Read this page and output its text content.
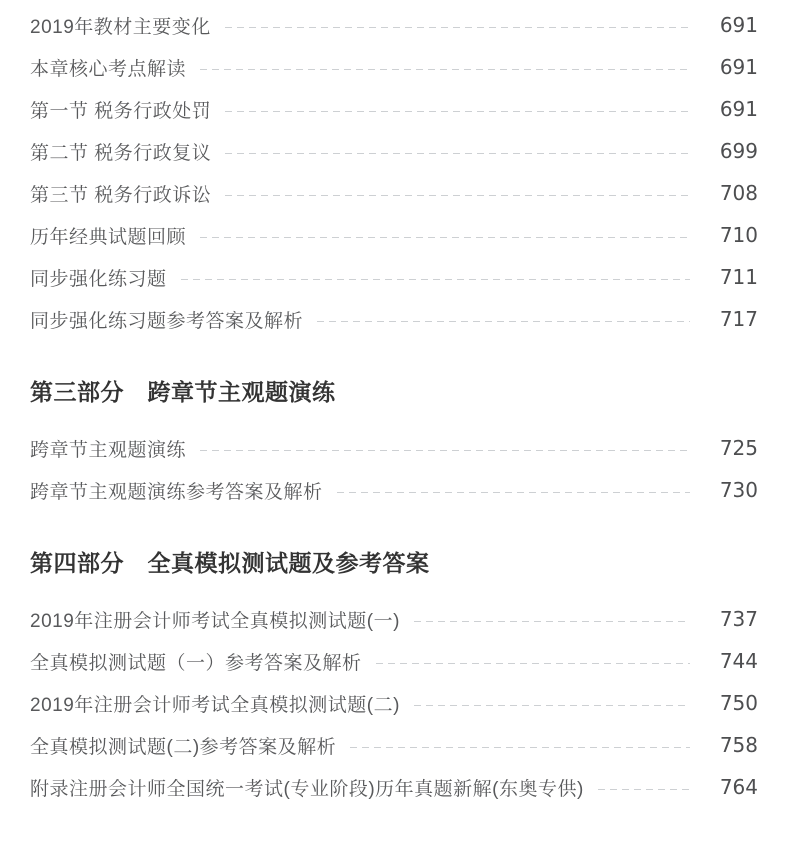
2019年教材主要变化	691
本章核心考点解读	691
第一节 税务行政处罚	691
第二节 税务行政复议	699
第三节 税务行政诉讼	708
历年经典试题回顾	710
同步强化练习题	711
同步强化练习题参考答案及解析	717
第三部分　跨章节主观题演练
跨章节主观题演练	725
跨章节主观题演练参考答案及解析	730
第四部分　全真模拟测试题及参考答案
2019年注册会计师考试全真模拟测试题(一)	737
全真模拟测试题（一）参考答案及解析	744
2019年注册会计师考试全真模拟测试题(二)	750
全真模拟测试题(二)参考答案及解析	758
附录注册会计师全国统一考试(专业阶段)历年真题新解(东奥专供)	764
